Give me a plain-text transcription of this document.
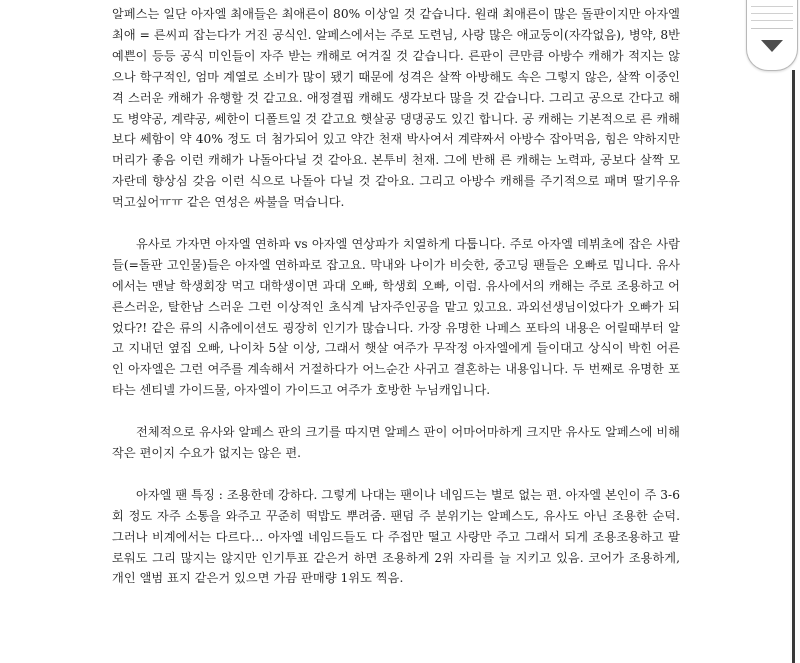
알페스는 일단 아자엘 최애들은 최애른이 80% 이상일 것 같습니다. 원래 최애른이 많은 돌판이지만 아자엘 최애 = 른씨피 잡는다가 거진 공식인. 알페스에서는 주로 도련님, 사랑 많은 애교둥이(자각없음), 병약, 8반 예쁜이 등등 공식 미인들이 자주 받는 캐해로 여겨질 것 같습니다. 른판이 큰만큼 아방수 캐해가 적지는 않으나 학구적인, 엄마 계열로 소비가 많이 됐기 때문에 성격은 살짝 아방해도 속은 그렇지 않은, 살짝 이중인격 스러운 캐해가 유행할 것 같고요. 애정결핍 캐해도 생각보다 많을 것 같습니다. 그리고 공으로 간다고 해도 병약공, 계략공, 쎄한이 디폴트일 것 같고요 햇살공 댕댕공도 있긴 합니다. 공 캐해는 기본적으로 른 캐해보다 쎄함이 약 40% 정도 더 첨가되어 있고 약간 천재 박사여서 계략짜서 아방수 잡아먹음, 힘은 약하지만 머리가 좋음 이런 캐해가 나돌아다닐 것 같아요. 본투비 천재. 그에 반해 른 캐해는 노력파, 공보다 살짝 모자란데 향상심 갖음 이런 식으로 나돌아 다닐 것 같아요. 그리고 아방수 캐해를 주기적으로 패며 딸기우유 먹고싶어ㅠㅠ 같은 연성은 싸불을 먹습니다.

유사로 가자면 아자엘 연하파 vs 아자엘 연상파가 치열하게 다툽니다. 주로 아자엘 데뷔초에 잡은 사람들(=돌판 고인물)들은 아자엘 연하파로 잡고요. 막내와 나이가 비슷한, 중고딩 팬들은 오빠로 밉니다. 유사에서는 맨날 학생회장 먹고 대학생이면 과대 오빠, 학생회 오빠, 이럼. 유사에서의 캐해는 주로 조용하고 어른스러운, 탈한남 스러운 그런 이상적인 초식계 남자주인공을 맡고 있고요. 과외선생님이었다가 오빠가 되었다?! 같은 류의 시츄에이션도 굉장히 인기가 많습니다. 가장 유명한 나페스 포타의 내용은 어릴때부터 알고 지내던 옆집 오빠, 나이차 5살 이상, 그래서 햇살 여주가 무작정 아자엘에게 들이대고 상식이 박힌 어른인 아자엘은 그런 여주를 계속해서 거절하다가 어느순간 사귀고 결혼하는 내용입니다. 두 번째로 유명한 포타는 센티넬 가이드물, 아자엘이 가이드고 여주가 호방한 누님캐입니다.

전체적으로 유사와 알페스 판의 크기를 따지면 알페스 판이 어마어마하게 크지만 유사도 알페스에 비해 작은 편이지 수요가 없지는 않은 편.

아자엘 팬 특징 : 조용한데 강하다. 그렇게 나대는 팬이나 네임드는 별로 없는 편. 아자엘 본인이 주 3-6회 정도 자주 소통을 와주고 꾸준히 떡밥도 뿌려줌. 팬덤 주 분위기는 알페스도, 유사도 아닌 조용한 순덕. 그러나 비계에서는 다르다… 아자엘 네임드들도 다 주접만 떨고 사랑만 주고 그래서 되게 조용조용하고 팔로워도 그리 많지는 않지만 인기투표 같은거 하면 조용하게 2위 자리를 늘 지키고 있음. 코어가 조용하게, 개인 앨범 표지 같은거 있으면 가끔 판매량 1위도 찍음.
